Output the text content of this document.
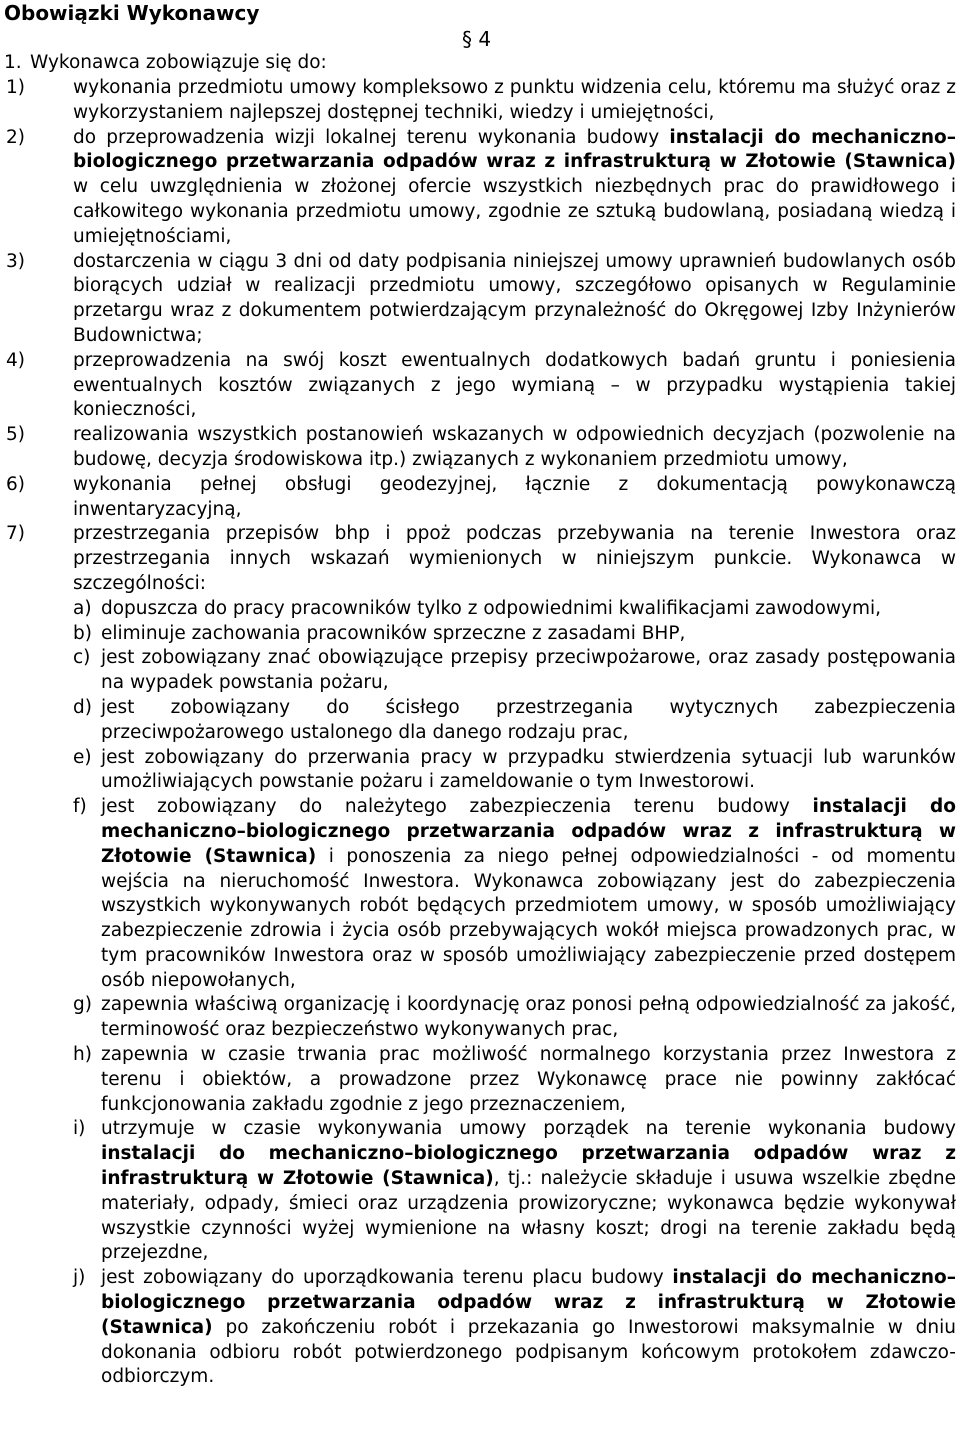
Obowiązki Wykonawcy
§ 4
1. Wykonawca zobowiązuje się do:
1)	wykonania przedmiotu umowy kompleksowo z punktu widzenia celu, któremu ma służyć oraz z wykorzystaniem najlepszej dostępnej techniki, wiedzy i umiejętności,
2)	do przeprowadzenia wizji lokalnej terenu wykonania budowy instalacji do mechaniczno–biologicznego przetwarzania odpadów wraz z infrastrukturą w Złotowie (Stawnica) w celu uwzględnienia w złożonej ofercie wszystkich niezbędnych prac do prawidłowego i całkowitego wykonania przedmiotu umowy, zgodnie ze sztuką budowlaną, posiadaną wiedzą i umiejętnościami,
3)	dostarczenia w ciągu 3 dni od daty podpisania niniejszej umowy uprawnień budowlanych osób biorących udział w realizacji przedmiotu umowy, szczegółowo opisanych w Regulaminie przetargu wraz z dokumentem potwierdzającym przynależność do Okręgowej Izby Inżynierów Budownictwa;
4)	przeprowadzenia na swój koszt ewentualnych dodatkowych badań gruntu i poniesienia ewentualnych kosztów związanych z jego wymianą – w przypadku wystąpienia takiej konieczności,
5)	realizowania wszystkich postanowień wskazanych w odpowiednich decyzjach (pozwolenie na budowę, decyzja środowiskowa itp.) związanych z wykonaniem przedmiotu umowy,
6)	wykonania pełnej obsługi geodezyjnej, łącznie z dokumentacją powykonawczą inwentaryzacyjną,
7)	przestrzegania przepisów bhp i ppoż podczas przebywania na terenie Inwestora oraz przestrzegania innych wskazań wymienionych w niniejszym punkcie. Wykonawca w szczególności:
a) dopuszcza do pracy pracowników tylko z odpowiednimi kwalifikacjami zawodowymi,
b) eliminuje zachowania pracowników sprzeczne z zasadami BHP,
c) jest zobowiązany znać obowiązujące przepisy przeciwpożarowe, oraz zasady postępowania na wypadek powstania pożaru,
d) jest zobowiązany do ścisłego przestrzegania wytycznych zabezpieczenia przeciwpożarowego ustalonego dla danego rodzaju prac,
e) jest zobowiązany do przerwania pracy w przypadku stwierdzenia sytuacji lub warunków umożliwiających powstanie pożaru i zameldowanie o tym Inwestorowi.
f) jest zobowiązany do należytego zabezpieczenia terenu budowy instalacji do mechaniczno–biologicznego przetwarzania odpadów wraz z infrastrukturą w Złotowie (Stawnica) i ponoszenia za niego pełnej odpowiedzialności - od momentu wejścia na nieruchomość Inwestora. Wykonawca zobowiązany jest do zabezpieczenia wszystkich wykonywanych robót będących przedmiotem umowy, w sposób umożliwiający zabezpieczenie zdrowia i życia osób przebywających wokół miejsca prowadzonych prac, w tym pracowników Inwestora oraz w sposób umożliwiający zabezpieczenie przed dostępem osób niepowołanych,
g) zapewnia właściwą organizację i koordynację oraz ponosi pełną odpowiedzialność za jakość, terminowość oraz bezpieczeństwo wykonywanych prac,
h) zapewnia w czasie trwania prac możliwość normalnego korzystania przez Inwestora z terenu i obiektów, a prowadzone przez Wykonawcę prace nie powinny zakłócać funkcjonowania zakładu zgodnie z jego przeznaczeniem,
i) utrzymuje w czasie wykonywania umowy porządek na terenie wykonania budowy instalacji do mechaniczno–biologicznego przetwarzania odpadów wraz z infrastrukturą w Złotowie (Stawnica), tj.: należycie składuje i usuwa wszelkie zbędne materiały, odpady, śmieci oraz urządzenia prowizoryczne; wykonawca będzie wykonywał wszystkie czynności wyżej wymienione na własny koszt; drogi na terenie zakładu będą przejezdne,
j) jest zobowiązany do uporządkowania terenu placu budowy instalacji do mechaniczno–biologicznego przetwarzania odpadów wraz z infrastrukturą w Złotowie (Stawnica) po zakończeniu robót i przekazania go Inwestorowi maksymalnie w dniu dokonania odbioru robót potwierdzonego podpisanym końcowym protokołem zdawczo-odbiorczym.
